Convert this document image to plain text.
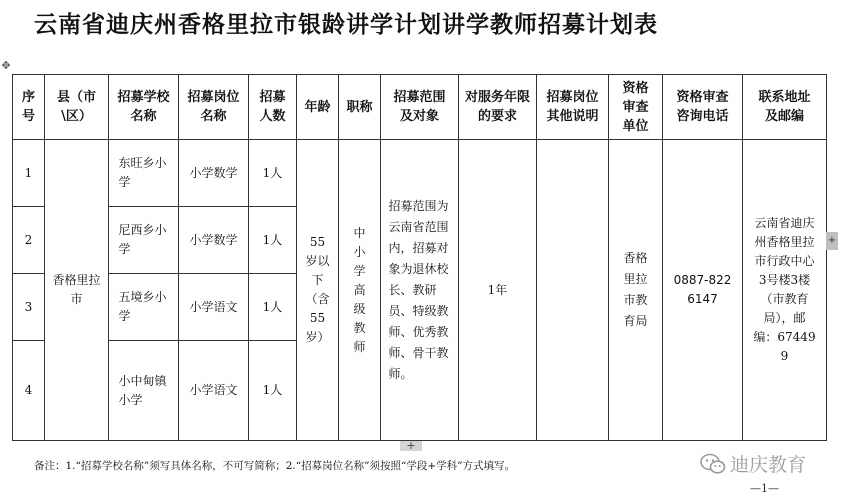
云南省迪庆州香格里拉市银龄讲学计划讲学教师招募计划表
✥
序号	县（市\区）	招募学校名称	招募岗位名称	招募人数	年龄	职称	招募范围及对象	对服务年限的要求	招募岗位其他说明	资格审查单位	资格审查咨询电话	联系地址及邮编

1	香格里拉市	东旺乡小学	小学数学	1人	55岁以下（含55岁）	中小学高级教师	招募范围为云南省范围内，招募对象为退休校长、教研员、特级教师、优秀教师、骨干教师。	1年		香格里拉市教育局	0887-8226147	云南省迪庆州香格里拉市行政中心3号楼3楼（市教育局），邮编：674499

2		尼西乡小学	小学数学	1人								
3		五境乡小学	小学语文	1人								
4		小中甸镇小学	小学语文	1人								
+
+
备注：1.“招募学校名称”须写具体名称，不可写简称；2.“招募岗位名称”须按照“学段+学科”方式填写。	迪庆教育
—1—
